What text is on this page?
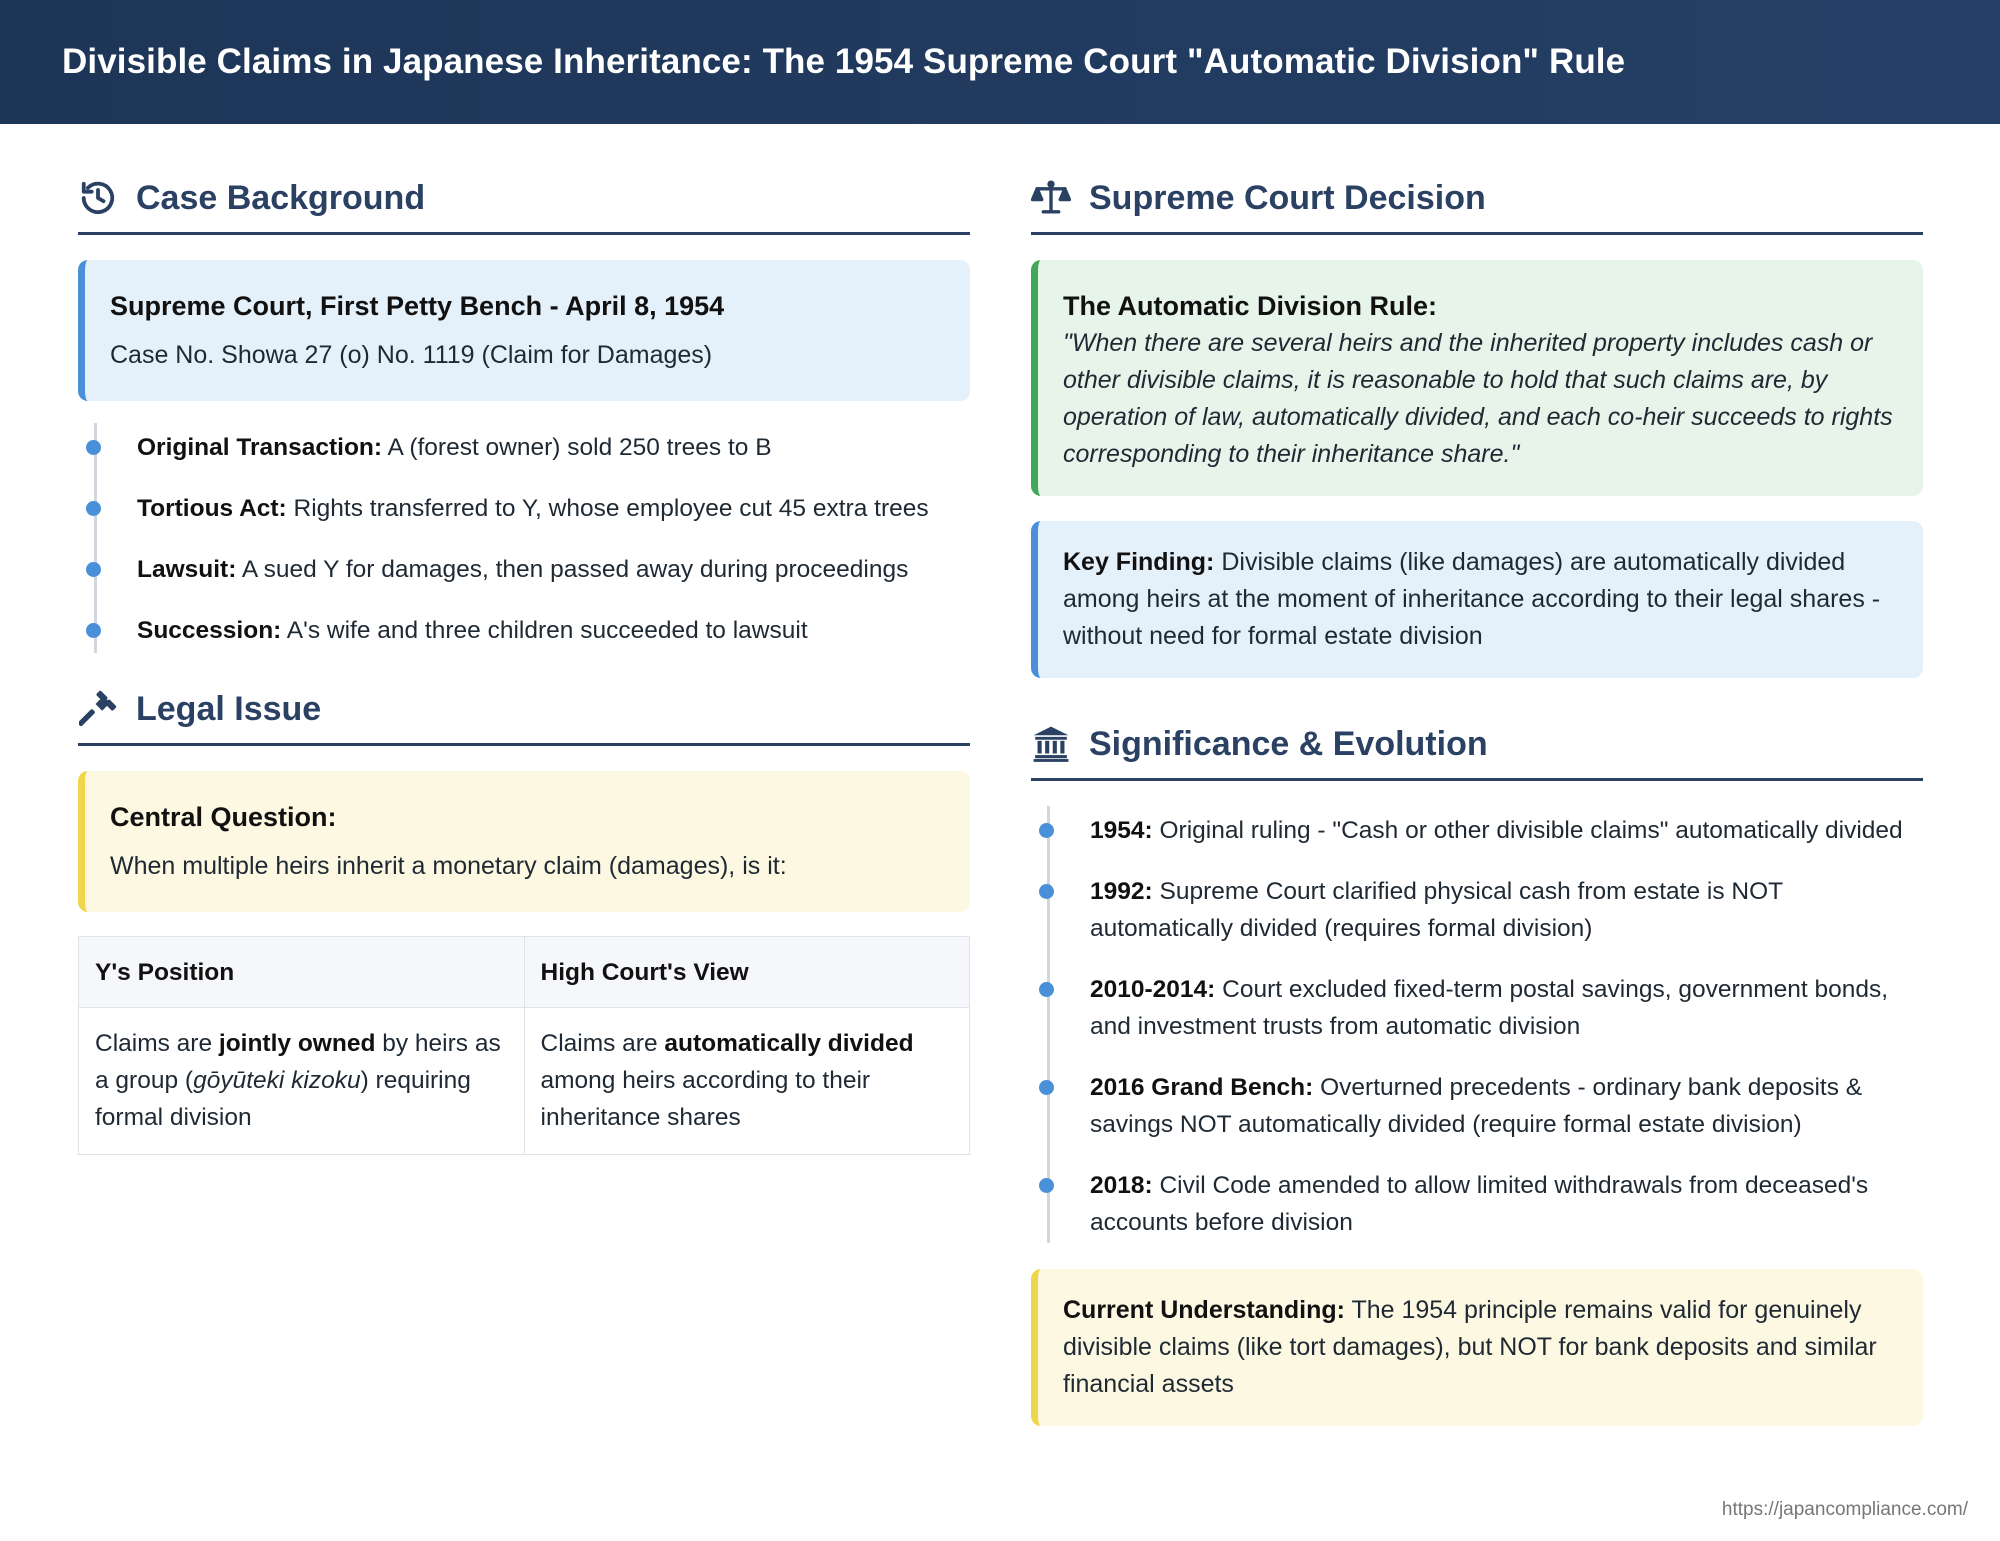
Divisible Claims in Japanese Inheritance: The 1954 Supreme Court "Automatic Division" Rule
Case Background
Supreme Court, First Petty Bench - April 8, 1954
Case No. Showa 27 (o) No. 1119 (Claim for Damages)
Original Transaction: A (forest owner) sold 250 trees to B
Tortious Act: Rights transferred to Y, whose employee cut 45 extra trees
Lawsuit: A sued Y for damages, then passed away during proceedings
Succession: A's wife and three children succeeded to lawsuit
Legal Issue
Central Question:
When multiple heirs inherit a monetary claim (damages), is it:
Y's Position	High Court's View
Claims are jointly owned by heirs as a group (gōyūteki kizoku) requiring formal division	Claims are automatically divided among heirs according to their inheritance shares
Supreme Court Decision
The Automatic Division Rule:
"When there are several heirs and the inherited property includes cash or other divisible claims, it is reasonable to hold that such claims are, by operation of law, automatically divided, and each co-heir succeeds to rights corresponding to their inheritance share."
Key Finding: Divisible claims (like damages) are automatically divided among heirs at the moment of inheritance according to their legal shares - without need for formal estate division
Significance & Evolution
1954: Original ruling - "Cash or other divisible claims" automatically divided
1992: Supreme Court clarified physical cash from estate is NOT automatically divided (requires formal division)
2010-2014: Court excluded fixed-term postal savings, government bonds, and investment trusts from automatic division
2016 Grand Bench: Overturned precedents - ordinary bank deposits & savings NOT automatically divided (require formal estate division)
2018: Civil Code amended to allow limited withdrawals from deceased's accounts before division
Current Understanding: The 1954 principle remains valid for genuinely divisible claims (like tort damages), but NOT for bank deposits and similar financial assets
https://japancompliance.com/
